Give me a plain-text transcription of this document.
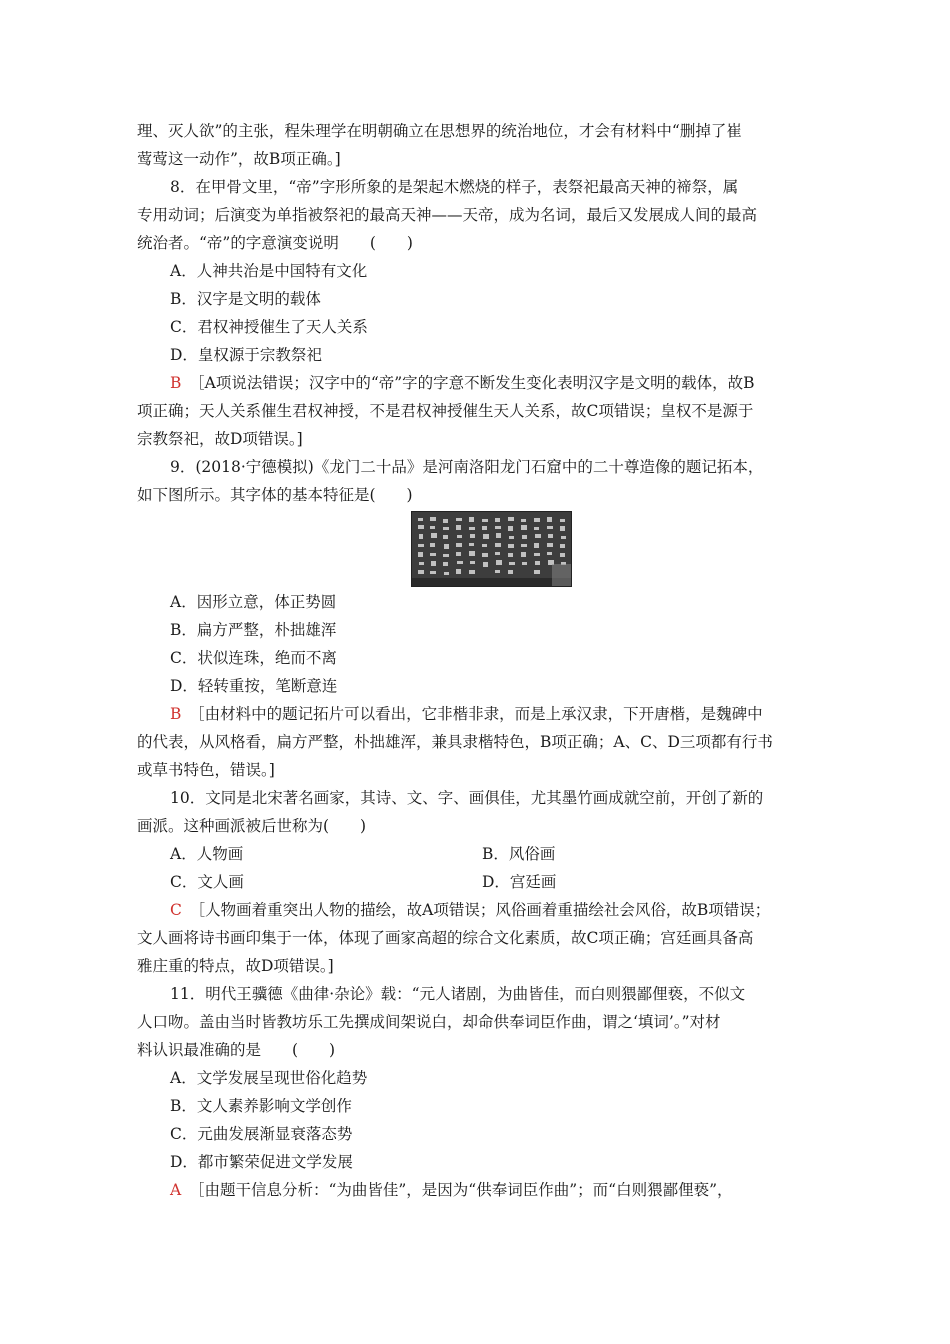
理、灭人欲”的主张，程朱理学在明朝确立在思想界的统治地位，才会有材料中“删掉了崔
莺莺这一动作”，故B项正确。]
8．在甲骨文里，“帝”字形所象的是架起木燃烧的样子，表祭祀最高天神的禘祭，属
专用动词；后演变为单指被祭祀的最高天神——天帝，成为名词，最后又发展成人间的最高
统治者。“帝”的字意演变说明　　(　　)
A．人神共治是中国特有文化
B．汉字是文明的载体
C．君权神授催生了天人关系
D．皇权源于宗教祭祀
B  ［A项说法错误；汉字中的“帝”字的字意不断发生变化表明汉字是文明的载体，故B
项正确；天人关系催生君权神授，不是君权神授催生天人关系，故C项错误；皇权不是源于
宗教祭祀，故D项错误。]
9．(2018·宁德模拟)《龙门二十品》是河南洛阳龙门石窟中的二十尊造像的题记拓本，
如下图所示。其字体的基本特征是(　　)
A．因形立意，体正势圆
B．扁方严整，朴拙雄浑
C．状似连珠，绝而不离
D．轻转重按，笔断意连
B  ［由材料中的题记拓片可以看出，它非楷非隶，而是上承汉隶，下开唐楷，是魏碑中
的代表，从风格看，扁方严整，朴拙雄浑，兼具隶楷特色，B项正确；A、C、D三项都有行书
或草书特色，错误。]
10．文同是北宋著名画家，其诗、文、字、画俱佳，尤其墨竹画成就空前，开创了新的
画派。这种画派被后世称为(　　)
A．人物画	B．风俗画
C．文人画	D．宫廷画
C  ［人物画着重突出人物的描绘，故A项错误；风俗画着重描绘社会风俗，故B项错误；
文人画将诗书画印集于一体，体现了画家高超的综合文化素质，故C项正确；宫廷画具备高
雅庄重的特点，故D项错误。]
11．明代王骥德《曲律·杂论》载：“元人诸剧，为曲皆佳，而白则猥鄙俚亵，不似文
人口吻。盖由当时皆教坊乐工先撰成间架说白，却命供奉词臣作曲，谓之‘填词’。”对材
料认识最准确的是　　(　　)
A．文学发展呈现世俗化趋势
B．文人素养影响文学创作
C．元曲发展渐显衰落态势
D．都市繁荣促进文学发展
A  ［由题干信息分析：“为曲皆佳”，是因为“供奉词臣作曲”；而“白则猥鄙俚亵”，
